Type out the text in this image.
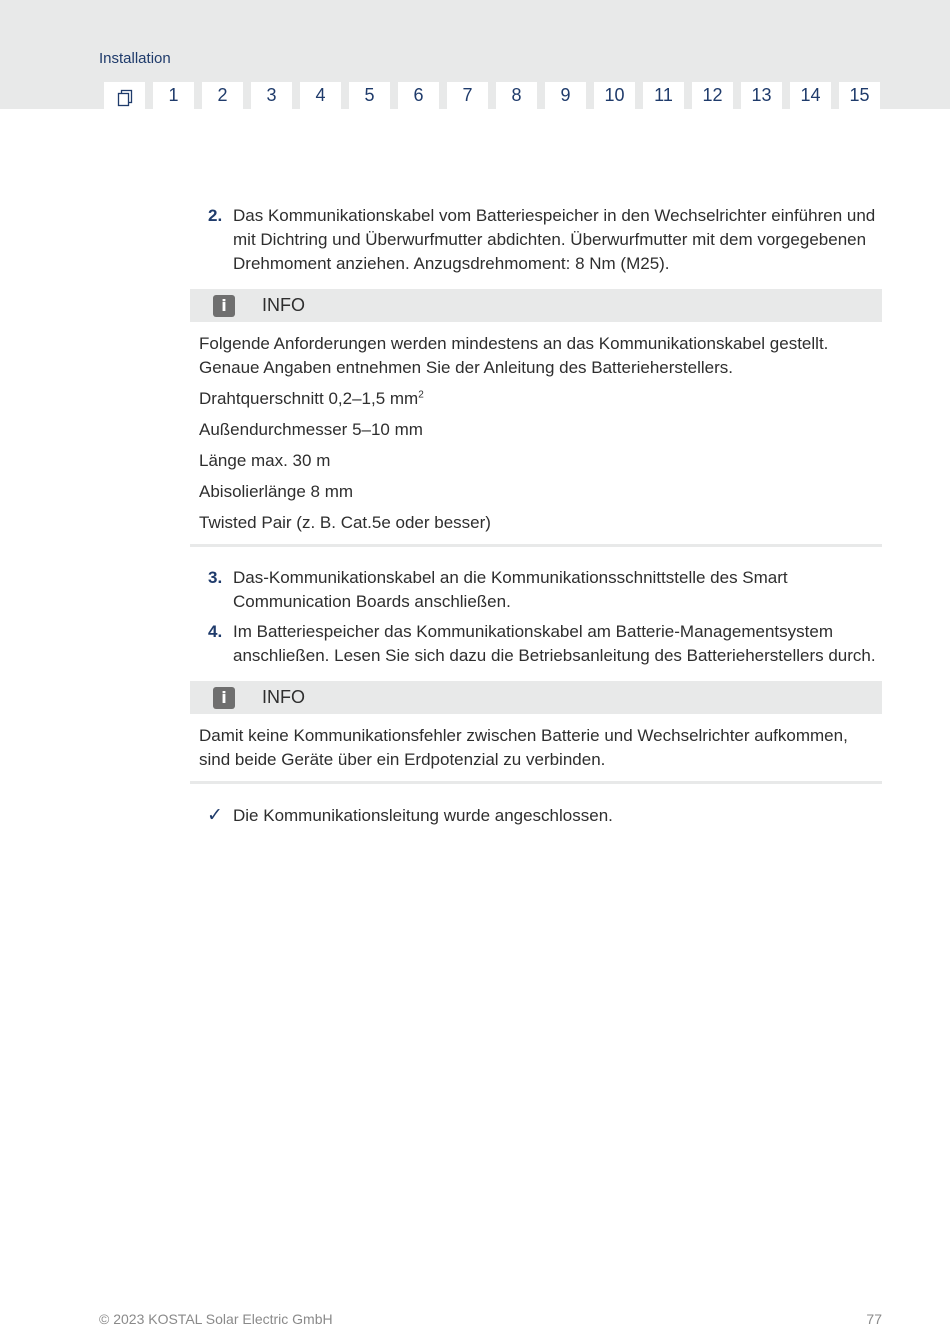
Installation
1	2	3	4	5	6	7	8	9	10	11	12	13	14	15
2. Das Kommunikationskabel vom Batteriespeicher in den Wechselrichter einführen und mit Dichtring und Überwurfmutter abdichten. Überwurfmutter mit dem vorgegebenen Drehmoment anziehen. Anzugsdrehmoment: 8 Nm (M25).
i	INFO

Folgende Anforderungen werden mindestens an das Kommunikationskabel gestellt. Genaue Angaben entnehmen Sie der Anleitung des Batterieherstellers.

Drahtquerschnitt 0,2–1,5 $mm^2$

Außendurchmesser 5–10 mm

Länge max. 30 m

Abisolierlänge 8 mm

Twisted Pair (z. B. Cat.5e oder besser)

3. Das-Kommunikationskabel an die Kommunikationsschnittstelle des Smart Communication Boards anschließen.
4. Im Batteriespeicher das Kommunikationskabel am Batterie-Managementsystem anschließen. Lesen Sie sich dazu die Betriebsanleitung des Batterieherstellers durch.
i	INFO

Damit keine Kommunikationsfehler zwischen Batterie und Wechselrichter aufkommen, sind beide Geräte über ein Erdpotenzial zu verbinden.

✓ Die Kommunikationsleitung wurde angeschlossen.
© 2023 KOSTAL Solar Electric GmbH	77
